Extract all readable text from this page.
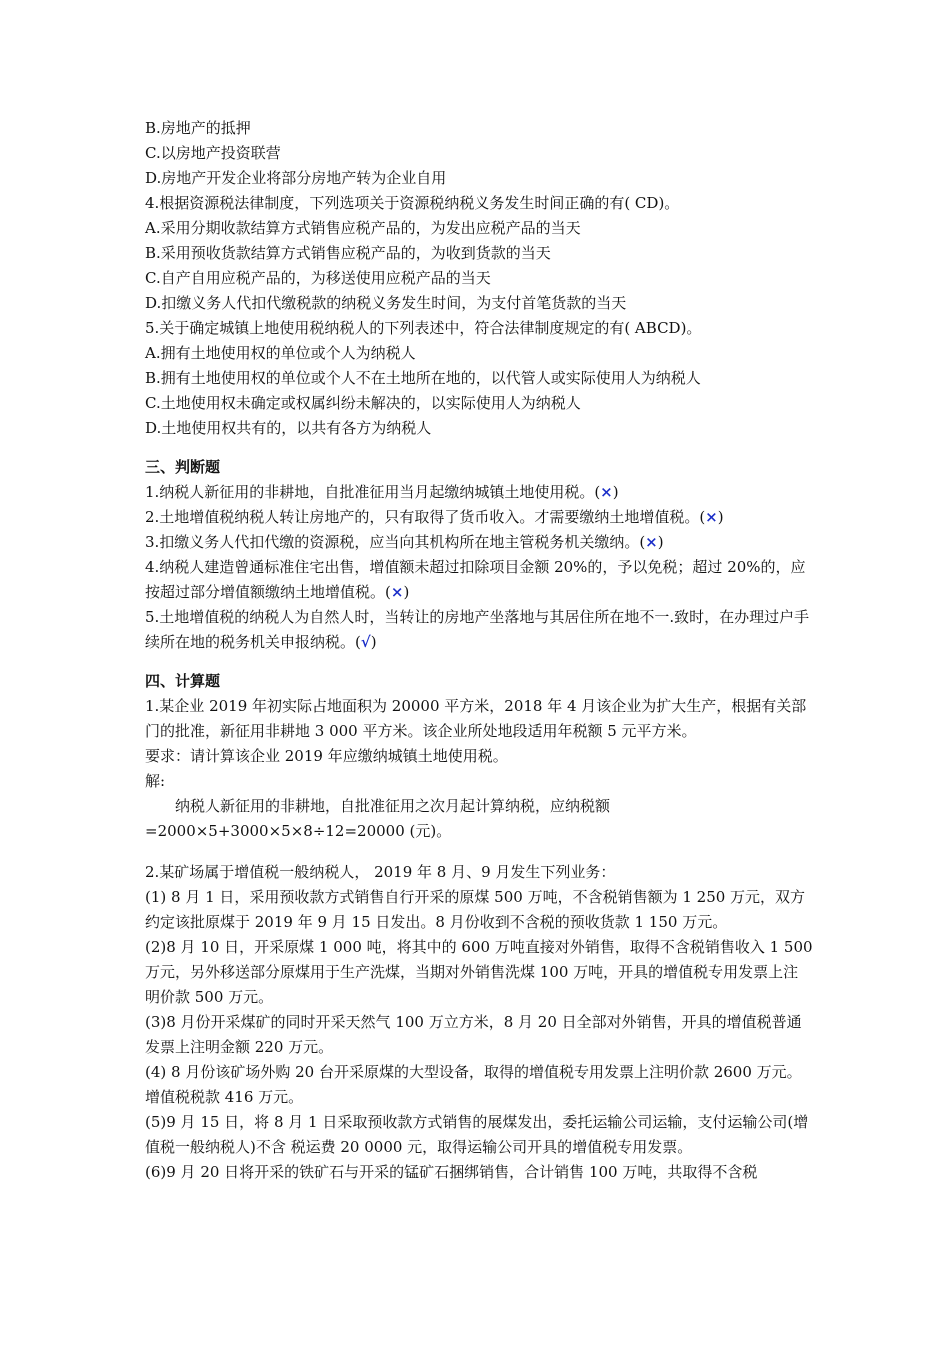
B.房地产的抵押

C.以房地产投资联营

D.房地产开发企业将部分房地产转为企业自用

4.根据资源税法律制度，下列选项关于资源税纳税义务发生时间正确的有( CD)。

A.采用分期收款结算方式销售应税产品的，为发出应税产品的当天

B.采用预收货款结算方式销售应税产品的，为收到货款的当天

C.自产自用应税产品的，为移送使用应税产品的当天

D.扣缴义务人代扣代缴税款的纳税义务发生时间，为支付首笔货款的当天

5.关于确定城镇上地使用税纳税人的下列表述中，符合法律制度规定的有( ABCD)。

A.拥有土地使用权的单位或个人为纳税人

B.拥有土地使用权的单位或个人不在土地所在地的，以代管人或实际使用人为纳税人

C.土地使用权未确定或权属纠纷未解决的，以实际使用人为纳税人

D.土地使用权共有的，以共有各方为纳税人

三、判断题

1.纳税人新征用的非耕地，自批准征用当月起缴纳城镇土地使用税。(×)

2.土地增值税纳税人转让房地产的，只有取得了货币收入。才需要缴纳土地增值税。(×)

3.扣缴义务人代扣代缴的资源税，应当向其机构所在地主管税务机关缴纳。(×)

4.纳税人建造曾通标准住宅出售，增值额未超过扣除项目金额 20%的，予以免税；超过 20%的，应按超过部分增值额缴纳土地增值税。(×)

5.土地增值税的纳税人为自然人时，当转让的房地产坐落地与其居住所在地不一.致时，在办理过户手续所在地的税务机关申报纳税。(√)

四、计算题

1.某企业 2019 年初实际占地面积为 20000 平方米，2018 年 4 月该企业为扩大生产，根据有关部门的批准，新征用非耕地 3 000 平方米。该企业所处地段适用年税额 5 元平方米。

要求：请计算该企业 2019 年应缴纳城镇土地使用税。

解:

纳税人新征用的非耕地，自批准征用之次月起计算纳税，应纳税额=2000×5+3000×5×8÷12=20000 (元)。

2.某矿场属于增值税一般纳税人， 2019 年 8 月、9 月发生下列业务：

(1) 8 月 1 日，采用预收款方式销售自行开采的原煤 500 万吨，不含税销售额为 1 250 万元，双方约定该批原煤于 2019 年 9 月 15 日发出。8 月份收到不含税的预收货款 1 150 万元。

(2)8 月 10 日，开采原煤 1 000 吨，将其中的 600 万吨直接对外销售，取得不含税销售收入 1 500 万元，另外移送部分原煤用于生产洗煤，当期对外销售洗煤 100 万吨，开具的增值税专用发票上注明价款 500 万元。

(3)8 月份开采煤矿的同时开采天然气 100 万立方米，8 月 20 日全部对外销售，开具的增值税普通发票上注明金额 220 万元。

(4) 8 月份该矿场外购 20 台开采原煤的大型设备，取得的增值税专用发票上注明价款 2600 万元。增值税税款 416 万元。

(5)9 月 15 日，将 8 月 1 日采取预收款方式销售的展煤发出，委托运输公司运输，支付运输公司(增值税一般纳税人)不含 税运费 20 0000 元，取得运输公司开具的增值税专用发票。

(6)9 月 20 日将开采的铁矿石与开采的锰矿石捆绑销售，合计销售 100 万吨，共取得不含税
